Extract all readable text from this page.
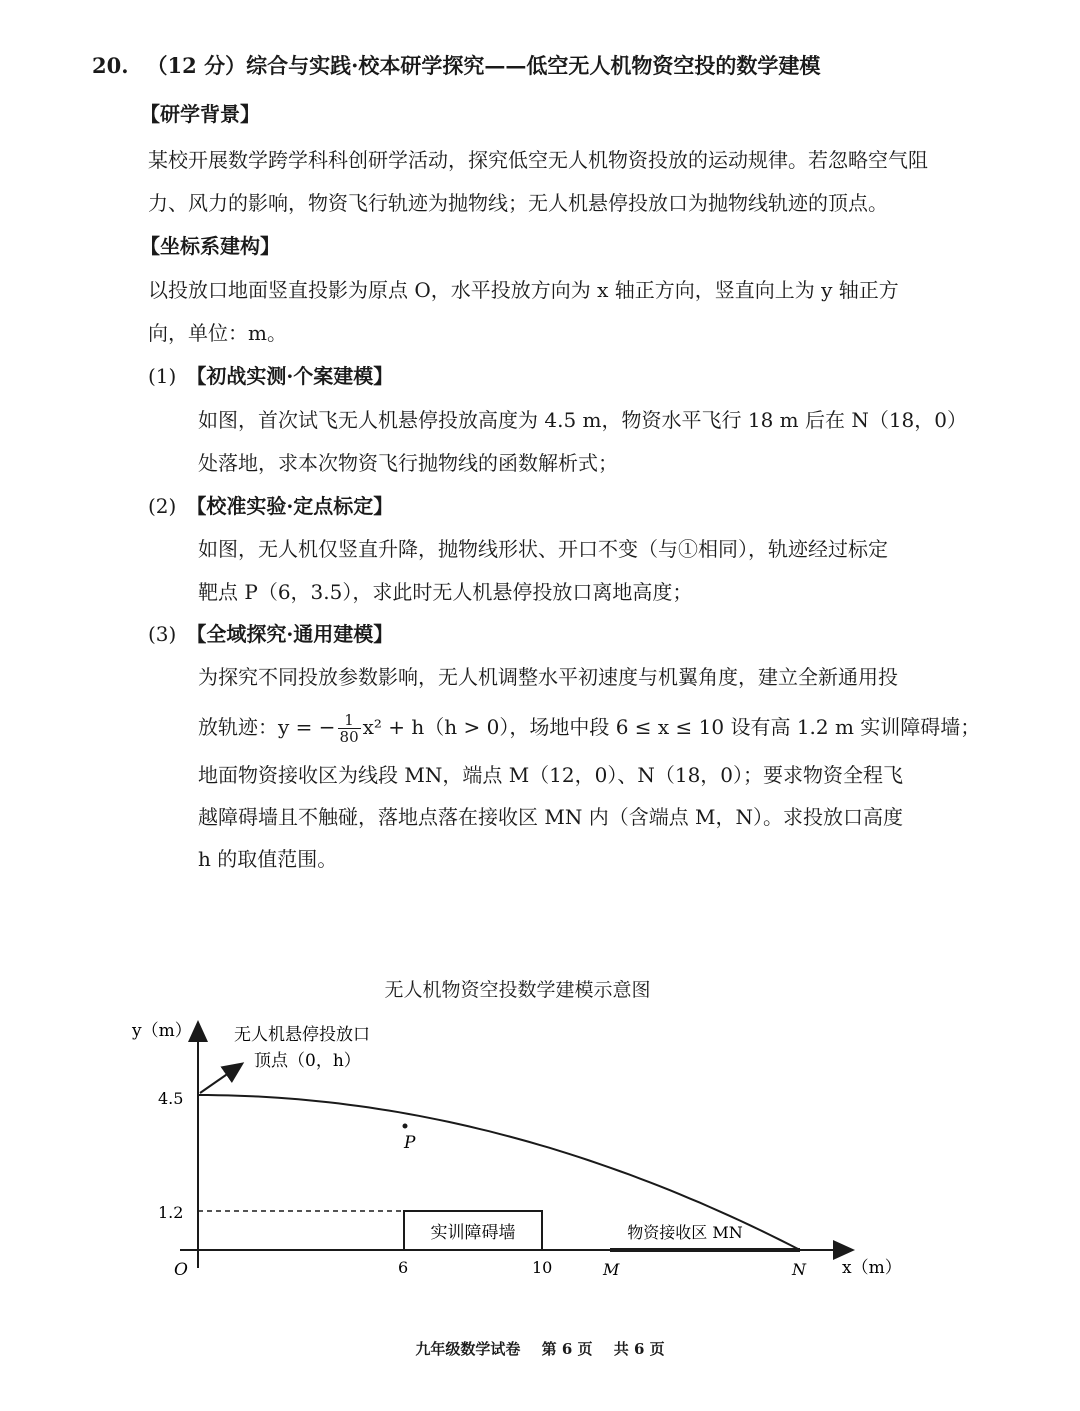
20. （12 分）综合与实践·校本研学探究——低空无人机物资空投的数学建模
【研学背景】
某校开展数学跨学科科创研学活动，探究低空无人机物资投放的运动规律。若忽略空气阻
力、风力的影响，物资飞行轨迹为抛物线；无人机悬停投放口为抛物线轨迹的顶点。
【坐标系建构】
以投放口地面竖直投影为原点 O，水平投放方向为 x 轴正方向，竖直向上为 y 轴正方
向，单位：m。
(1) 【初战实测·个案建模】
如图，首次试飞无人机悬停投放高度为 4.5 m，物资水平飞行 18 m 后在 N（18，0）
处落地，求本次物资飞行抛物线的函数解析式；
(2) 【校准实验·定点标定】
如图，无人机仅竖直升降，抛物线形状、开口不变（与①相同），轨迹经过标定
靶点 P（6，3.5），求此时无人机悬停投放口离地高度；
(3) 【全域探究·通用建模】
为探究不同投放参数影响，无人机调整水平初速度与机翼角度，建立全新通用投
放轨迹：y = − $\frac{1}{80} x^2 + h(h > 0)$，场地中段 6 ≤ x ≤ 10 设有高 1.2 m 实训障碍墙；
地面物资接收区为线段 MN，端点 M（12，0）、N（18，0）；要求物资全程飞
越障碍墙且不触碰，落地点落在接收区 MN 内（含端点 M，N）。求投放口高度
h 的取值范围。
无人机物资空投数学建模示意图
y（m）
x（m）
O
4.5
1.2
实训障碍墙
6	10	M	N
物资接收区 MN
P
无人机悬停投放口
顶点（0，h）
九年级数学试卷 第 6 页 共 6 页
